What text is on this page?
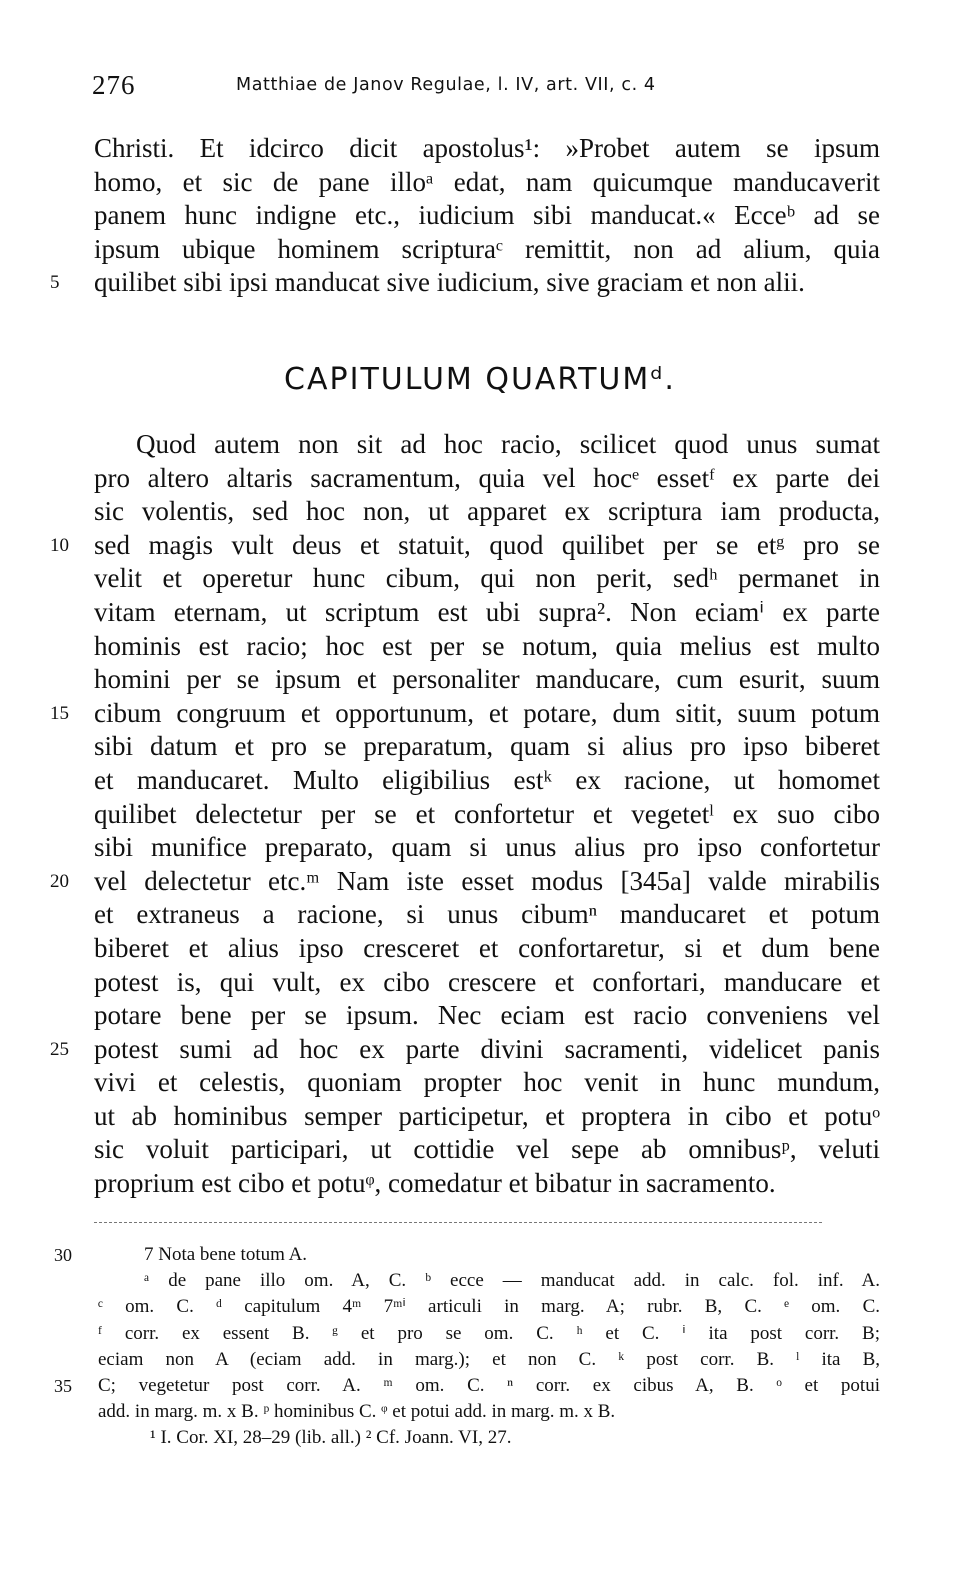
276	Matthiae de Janov Regulae, l. IV, art. VII, c. 4
Christi. Et idcirco dicit apostolus¹: »Probet autem se ipsum
homo, et sic de pane illoᵃ edat, nam quicumque manducaverit
panem hunc indigne etc., iudicium sibi manducat.« Ecceᵇ ad se
ipsum ubique hominem scripturaᶜ remittit, non ad alium, quia
5	quilibet sibi ipsi manducat sive iudicium, sive graciam et non alii.
CAPITULUM QUARTUMᵈ.
Quod autem non sit ad hoc racio, scilicet quod unus sumat
pro altero altaris sacramentum, quia vel hocᵉ essetᶠ ex parte dei
sic volentis, sed hoc non, ut apparet ex scriptura iam producta,
10 sed magis vult deus et statuit, quod quilibet per se etᵍ pro se
velit et operetur hunc cibum, qui non perit, sedʰ permanet in
vitam eternam, ut scriptum est ubi supra². Non eciamⁱ ex parte
hominis est racio; hoc est per se notum, quia melius est multo
homini per se ipsum et personaliter manducare, cum esurit, suum
15 cibum congruum et opportunum, et potare, dum sitit, suum potum
sibi datum et pro se preparatum, quam si alius pro ipso biberet
et manducaret. Multo eligibilius estᵏ ex racione, ut homomet
quilibet delectetur per se et confortetur et vegetetˡ ex suo cibo
sibi munifice preparato, quam si unus alius pro ipso confortetur
20 vel delectetur etc.ᵐ Nam iste esset modus [345a] valde mirabilis
et extraneus a racione, si unus cibumⁿ manducaret et potum
biberet et alius ipso cresceret et confortaretur, si et dum bene
potest is, qui vult, ex cibo crescere et confortari, manducare et
potare bene per se ipsum. Nec eciam est racio conveniens vel
25 potest sumi ad hoc ex parte divini sacramenti, videlicet panis
vivi et celestis, quoniam propter hoc venit in hunc mundum,
ut ab hominibus semper participetur, et proptera in cibo et potuᵒ
sic voluit participari, ut cottidie vel sepe ab omnibusᵖ, veluti
proprium est cibo et potuᵠ, comedatur et bibatur in sacramento.
30	7 Nota bene totum A.
ᵃ de pane illo om. A, C. ᵇ ecce — manducat add. in calc. fol. inf. A.
ᶜ om. C. ᵈ capitulum 4ᵐ 7ᵐⁱ articuli in marg. A; rubr. B, C. ᵉ om. C.
ᶠ corr. ex essent B. ᵍ et pro se om. C. ʰ et C. ⁱ ita post corr. B;
eciam non A (eciam add. in marg.); et non C. ᵏ post corr. B. ˡ ita B,
35	C; vegetetur post corr. A. ᵐ om. C. ⁿ corr. ex cibus A, B. ᵒ et potui
add. in marg. m. x B. ᵖ hominibus C. ᵠ et potui add. in marg. m. x B.
¹ I. Cor. XI, 28–29 (lib. all.) ² Cf. Joann. VI, 27.
